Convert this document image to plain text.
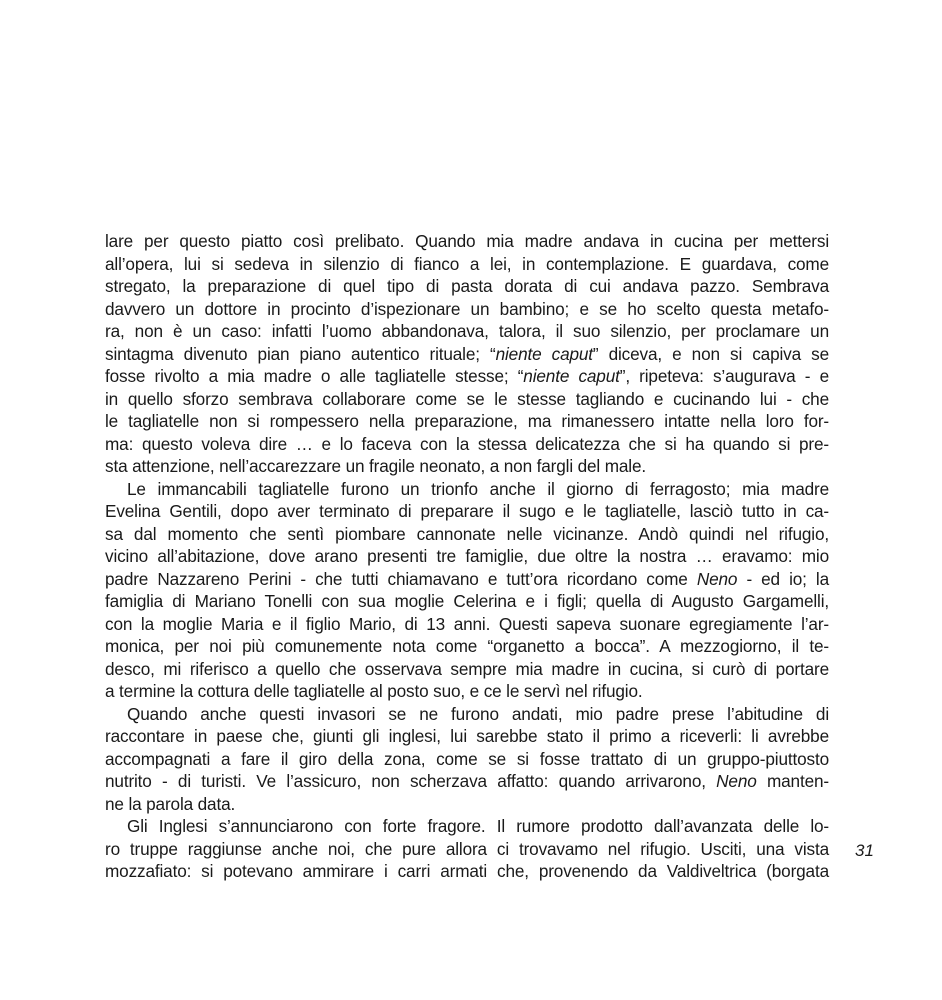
lare per questo piatto così prelibato. Quando mia madre andava in cucina per mettersi
all’opera, lui si sedeva in silenzio di fianco a lei, in contemplazione. E guardava, come
stregato, la preparazione di quel tipo di pasta dorata di cui andava pazzo. Sembrava
davvero un dottore in procinto d’ispezionare un bambino; e se ho scelto questa metafo-
ra, non è un caso: infatti l’uomo abbandonava, talora, il suo silenzio, per proclamare un
sintagma divenuto pian piano autentico rituale; “niente caput” diceva, e non si capiva se
fosse rivolto a mia madre o alle tagliatelle stesse; “niente caput”, ripeteva: s’augurava - e
in quello sforzo sembrava collaborare come se le stesse tagliando e cucinando lui - che
le tagliatelle non si rompessero nella preparazione, ma rimanessero intatte nella loro for-
ma: questo voleva dire … e lo faceva con la stessa delicatezza che si ha quando si pre-
sta attenzione, nell’accarezzare un fragile neonato, a non fargli del male.
Le immancabili tagliatelle furono un trionfo anche il giorno di ferragosto; mia madre
Evelina Gentili, dopo aver terminato di preparare il sugo e le tagliatelle, lasciò tutto in ca-
sa dal momento che sentì piombare cannonate nelle vicinanze. Andò quindi nel rifugio,
vicino all’abitazione, dove arano presenti tre famiglie, due oltre la nostra … eravamo: mio
padre Nazzareno Perini - che tutti chiamavano e tutt’ora ricordano come Neno - ed io; la
famiglia di Mariano Tonelli con sua moglie Celerina e i figli; quella di Augusto Gargamelli,
con la moglie Maria e il figlio Mario, di 13 anni. Questi sapeva suonare egregiamente l’ar-
monica, per noi più comunemente nota come “organetto a bocca”. A mezzogiorno, il te-
desco, mi riferisco a quello che osservava sempre mia madre in cucina, si curò di portare
a termine la cottura delle tagliatelle al posto suo, e ce le servì nel rifugio.
Quando anche questi invasori se ne furono andati, mio padre prese l’abitudine di
raccontare in paese che, giunti gli inglesi, lui sarebbe stato il primo a riceverli: li avrebbe
accompagnati a fare il giro della zona, come se si fosse trattato di un gruppo-piuttosto
nutrito - di turisti. Ve l’assicuro, non scherzava affatto: quando arrivarono, Neno manten-
ne la parola data.
Gli Inglesi s’annunciarono con forte fragore. Il rumore prodotto dall’avanzata delle lo-
ro truppe raggiunse anche noi, che pure allora ci trovavamo nel rifugio. Usciti, una vista
mozzafiato: si potevano ammirare i carri armati che, provenendo da Valdiveltrica (borgata
31
